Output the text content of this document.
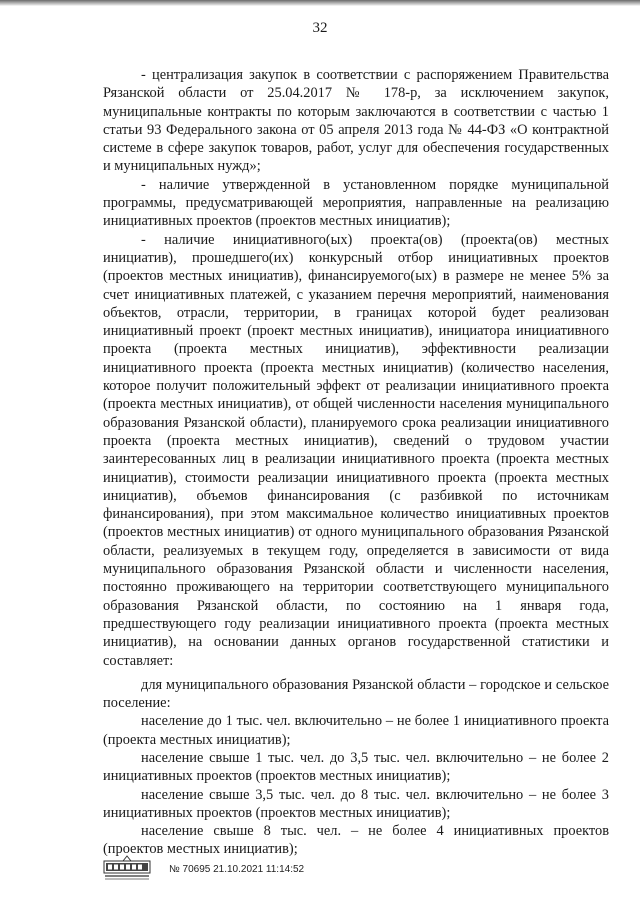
32

- централизация закупок в соответствии с распоряжением Правительства Рязанской области от 25.04.2017 № 178-р, за исключением закупок, муниципальные контракты по которым заключаются в соответствии с частью 1 статьи 93 Федерального закона от 05 апреля 2013 года № 44-ФЗ «О контрактной системе в сфере закупок товаров, работ, услуг для обеспечения государственных и муниципальных нужд»;

- наличие утвержденной в установленном порядке муниципальной программы, предусматривающей мероприятия, направленные на реализацию инициативных проектов (проектов местных инициатив);

- наличие инициативного(ых) проекта(ов) (проекта(ов) местных инициатив), прошедшего(их) конкурсный отбор инициативных проектов (проектов местных инициатив), финансируемого(ых) в размере не менее 5% за счет инициативных платежей, с указанием перечня мероприятий, наименования объектов, отрасли, территории, в границах которой будет реализован инициативный проект (проект местных инициатив), инициатора инициативного проекта (проекта местных инициатив), эффективности реализации инициативного проекта (проекта местных инициатив) (количество населения, которое получит положительный эффект от реализации инициативного проекта (проекта местных инициатив), от общей численности населения муниципального образования Рязанской области), планируемого срока реализации инициативного проекта (проекта местных инициатив), сведений о трудовом участии заинтересованных лиц в реализации инициативного проекта (проекта местных инициатив), стоимости реализации инициативного проекта (проекта местных инициатив), объемов финансирования (с разбивкой по источникам финансирования), при этом максимальное количество инициативных проектов (проектов местных инициатив) от одного муниципального образования Рязанской области, реализуемых в текущем году, определяется в зависимости от вида муниципального образования Рязанской области и численности населения, постоянно проживающего на территории соответствующего муниципального образования Рязанской области, по состоянию на 1 января года, предшествующего году реализации инициативного проекта (проекта местных инициатив), на основании данных органов государственной статистики и составляет:

для муниципального образования Рязанской области – городское и сельское поселение:

население до 1 тыс. чел. включительно – не более 1 инициативного проекта (проекта местных инициатив);

население свыше 1 тыс. чел. до 3,5 тыс. чел. включительно – не более 2 инициативных проектов (проектов местных инициатив);

население свыше 3,5 тыс. чел. до 8 тыс. чел. включительно – не более 3 инициативных проектов (проектов местных инициатив);

население свыше 8 тыс. чел. – не более 4 инициативных проектов (проектов местных инициатив);

№ 70695 21.10.2021 11:14:52
